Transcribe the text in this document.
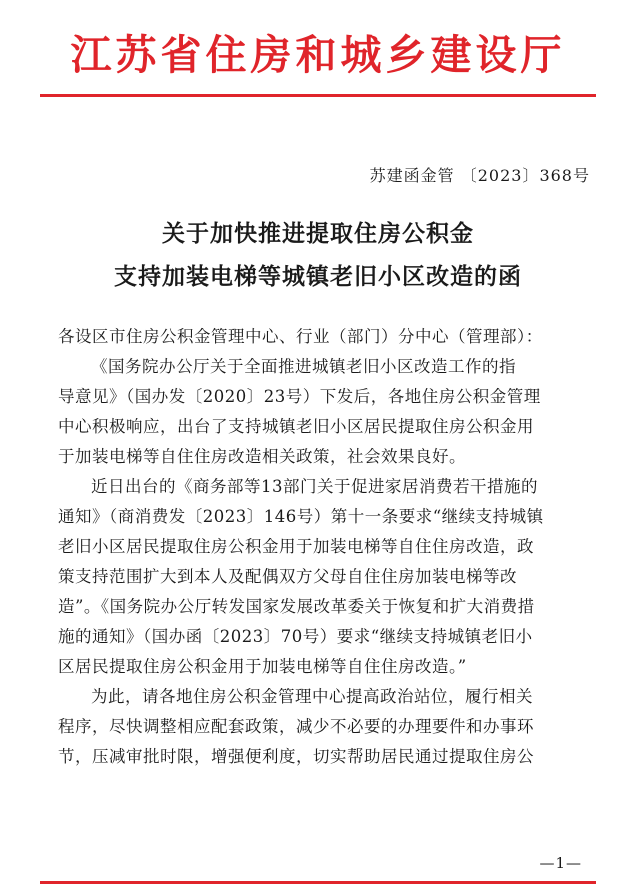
江苏省住房和城乡建设厅
苏建函金管 〔2023〕368号
关于加快推进提取住房公积金
支持加装电梯等城镇老旧小区改造的函
各设区市住房公积金管理中心、行业（部门）分中心（管理部）：
《国务院办公厅关于全面推进城镇老旧小区改造工作的指
导意见》（国办发〔2020〕23号）下发后，各地住房公积金管理
中心积极响应，出台了支持城镇老旧小区居民提取住房公积金用
于加装电梯等自住住房改造相关政策，社会效果良好。
近日出台的《商务部等13部门关于促进家居消费若干措施的
通知》（商消费发〔2023〕146号）第十一条要求“继续支持城镇
老旧小区居民提取住房公积金用于加装电梯等自住住房改造，政
策支持范围扩大到本人及配偶双方父母自住住房加装电梯等改
造”。《国务院办公厅转发国家发展改革委关于恢复和扩大消费措
施的通知》（国办函〔2023〕70号）要求“继续支持城镇老旧小
区居民提取住房公积金用于加装电梯等自住住房改造。”
为此，请各地住房公积金管理中心提高政治站位，履行相关
程序，尽快调整相应配套政策，减少不必要的办理要件和办事环
节，压减审批时限，增强便利度，切实帮助居民通过提取住房公
—1—
